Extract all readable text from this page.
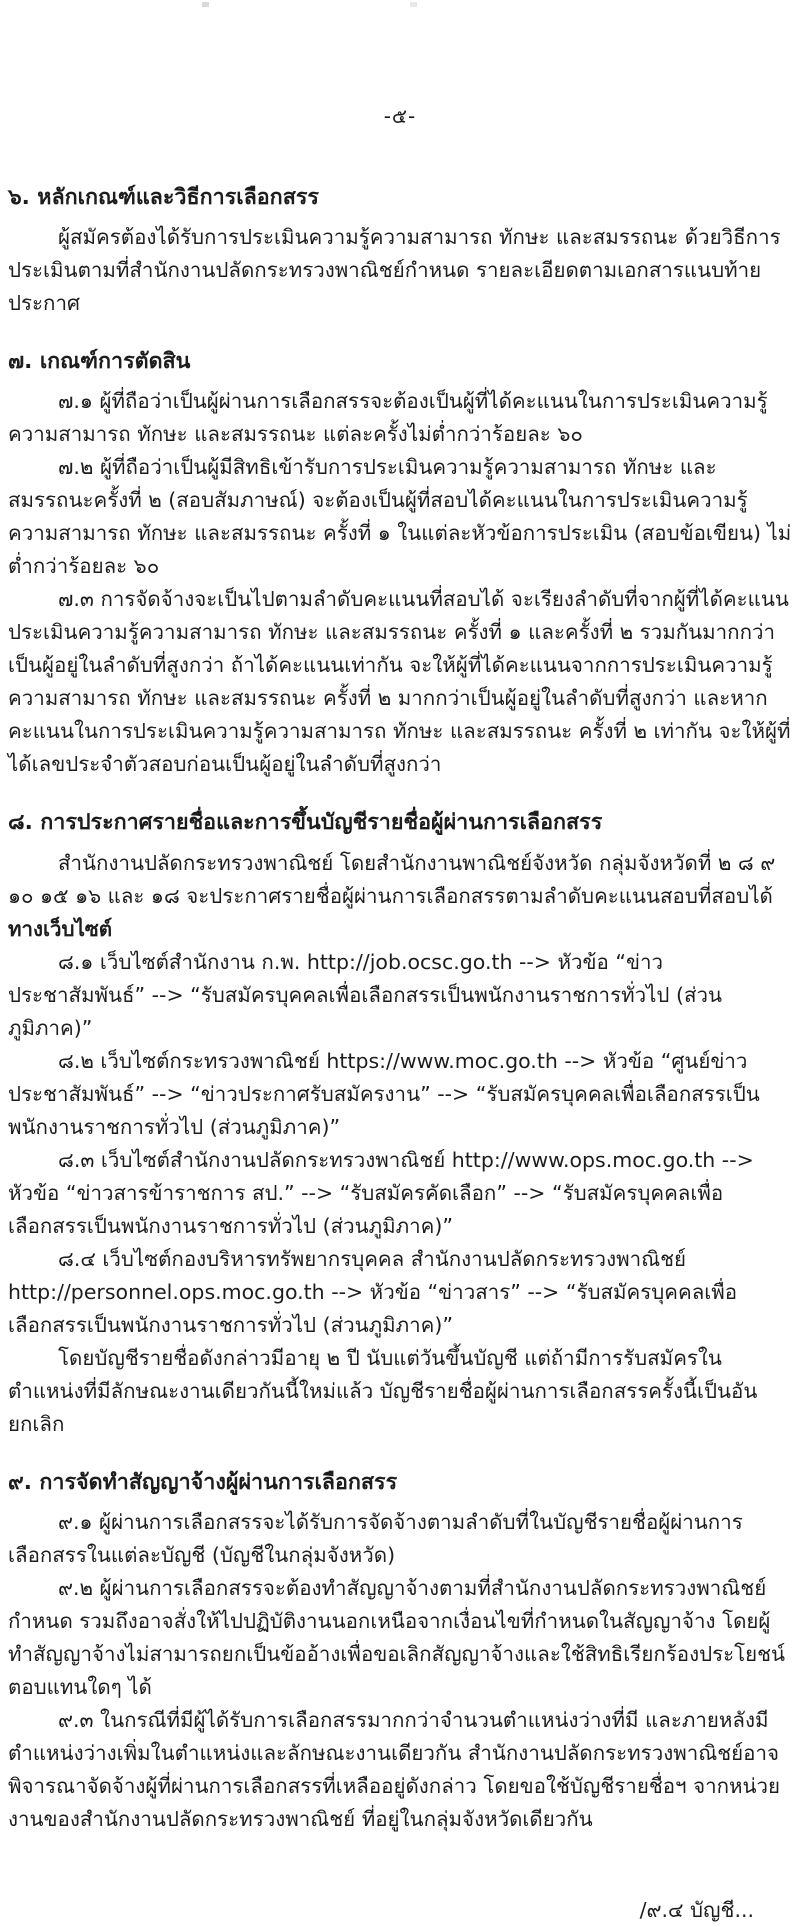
-๕-
๖. หลักเกณฑ์และวิธีการเลือกสรร

ผู้สมัครต้องได้รับการประเมินความรู้ความสามารถ ทักษะ และสมรรถนะ ด้วยวิธีการประเมินตามที่สำนักงานปลัดกระทรวงพาณิชย์กำหนด รายละเอียดตามเอกสารแนบท้ายประกาศ

๗. เกณฑ์การตัดสิน

๗.๑ ผู้ที่ถือว่าเป็นผู้ผ่านการเลือกสรรจะต้องเป็นผู้ที่ได้คะแนนในการประเมินความรู้ความสามารถ ทักษะ และสมรรถนะ แต่ละครั้งไม่ต่ำกว่าร้อยละ ๖๐

๗.๒ ผู้ที่ถือว่าเป็นผู้มีสิทธิเข้ารับการประเมินความรู้ความสามารถ ทักษะ และสมรรถนะครั้งที่ ๒ (สอบสัมภาษณ์) จะต้องเป็นผู้ที่สอบได้คะแนนในการประเมินความรู้ความสามารถ ทักษะ และสมรรถนะ ครั้งที่ ๑ ในแต่ละหัวข้อการประเมิน (สอบข้อเขียน) ไม่ต่ำกว่าร้อยละ ๖๐

๗.๓ การจัดจ้างจะเป็นไปตามลำดับคะแนนที่สอบได้ จะเรียงลำดับที่จากผู้ที่ได้คะแนนประเมินความรู้ความสามารถ ทักษะ และสมรรถนะ ครั้งที่ ๑ และครั้งที่ ๒ รวมกันมากกว่าเป็นผู้อยู่ในลำดับที่สูงกว่า ถ้าได้คะแนนเท่ากัน จะให้ผู้ที่ได้คะแนนจากการประเมินความรู้ความสามารถ ทักษะ และสมรรถนะ ครั้งที่ ๒ มากกว่าเป็นผู้อยู่ในลำดับที่สูงกว่า และหากคะแนนในการประเมินความรู้ความสามารถ ทักษะ และสมรรถนะ ครั้งที่ ๒ เท่ากัน จะให้ผู้ที่ได้เลขประจำตัวสอบก่อนเป็นผู้อยู่ในลำดับที่สูงกว่า

๘. การประกาศรายชื่อและการขึ้นบัญชีรายชื่อผู้ผ่านการเลือกสรร

สำนักงานปลัดกระทรวงพาณิชย์ โดยสำนักงานพาณิชย์จังหวัด กลุ่มจังหวัดที่ ๒ ๘ ๙ ๑๐ ๑๕ ๑๖ และ ๑๘ จะประกาศรายชื่อผู้ผ่านการเลือกสรรตามลำดับคะแนนสอบที่สอบได้ ทางเว็บไซต์

๘.๑ เว็บไซต์สำนักงาน ก.พ. http://job.ocsc.go.th --> หัวข้อ “ข่าวประชาสัมพันธ์” --> “รับสมัครบุคคลเพื่อเลือกสรรเป็นพนักงานราชการทั่วไป (ส่วนภูมิภาค)”

๘.๒ เว็บไซต์กระทรวงพาณิชย์ https://www.moc.go.th --> หัวข้อ “ศูนย์ข่าวประชาสัมพันธ์” --> “ข่าวประกาศรับสมัครงาน” --> “รับสมัครบุคคลเพื่อเลือกสรรเป็นพนักงานราชการทั่วไป (ส่วนภูมิภาค)”

๘.๓ เว็บไซต์สำนักงานปลัดกระทรวงพาณิชย์ http://www.ops.moc.go.th --> หัวข้อ “ข่าวสารข้าราชการ สป.” --> “รับสมัครคัดเลือก” --> “รับสมัครบุคคลเพื่อเลือกสรรเป็นพนักงานราชการทั่วไป (ส่วนภูมิภาค)”

๘.๔ เว็บไซต์กองบริหารทรัพยากรบุคคล สำนักงานปลัดกระทรวงพาณิชย์ http://personnel.ops.moc.go.th --> หัวข้อ “ข่าวสาร” --> “รับสมัครบุคคลเพื่อเลือกสรรเป็นพนักงานราชการทั่วไป (ส่วนภูมิภาค)”

โดยบัญชีรายชื่อดังกล่าวมีอายุ ๒ ปี นับแต่วันขึ้นบัญชี แต่ถ้ามีการรับสมัครในตำแหน่งที่มีลักษณะงานเดียวกันนี้ใหม่แล้ว บัญชีรายชื่อผู้ผ่านการเลือกสรรครั้งนี้เป็นอันยกเลิก

๙. การจัดทำสัญญาจ้างผู้ผ่านการเลือกสรร

๙.๑ ผู้ผ่านการเลือกสรรจะได้รับการจัดจ้างตามลำดับที่ในบัญชีรายชื่อผู้ผ่านการเลือกสรรในแต่ละบัญชี (บัญชีในกลุ่มจังหวัด)

๙.๒ ผู้ผ่านการเลือกสรรจะต้องทำสัญญาจ้างตามที่สำนักงานปลัดกระทรวงพาณิชย์กำหนด รวมถึงอาจสั่งให้ไปปฏิบัติงานนอกเหนือจากเงื่อนไขที่กำหนดในสัญญาจ้าง โดยผู้ทำสัญญาจ้างไม่สามารถยกเป็นข้ออ้างเพื่อขอเลิกสัญญาจ้างและใช้สิทธิเรียกร้องประโยชน์ตอบแทนใดๆ ได้

๙.๓ ในกรณีที่มีผู้ได้รับการเลือกสรรมากกว่าจำนวนตำแหน่งว่างที่มี และภายหลังมีตำแหน่งว่างเพิ่มในตำแหน่งและลักษณะงานเดียวกัน สำนักงานปลัดกระทรวงพาณิชย์อาจพิจารณาจัดจ้างผู้ที่ผ่านการเลือกสรรที่เหลืออยู่ดังกล่าว โดยขอใช้บัญชีรายชื่อฯ จากหน่วยงานของสำนักงานปลัดกระทรวงพาณิชย์ ที่อยู่ในกลุ่มจังหวัดเดียวกัน

/๙.๔ บัญชี...
